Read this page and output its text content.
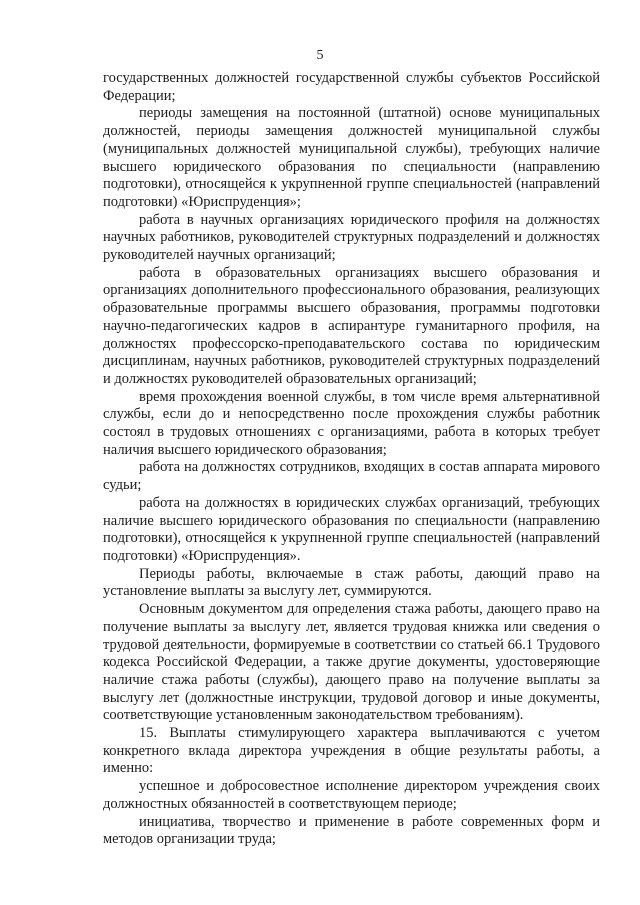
5

государственных должностей государственной службы субъектов Российской Федерации;

периоды замещения на постоянной (штатной) основе муниципальных должностей, периоды замещения должностей муниципальной службы (муниципальных должностей муниципальной службы), требующих наличие высшего юридического образования по специальности (направлению подготовки), относящейся к укрупненной группе специальностей (направлений подготовки) «Юриспруденция»;

работа в научных организациях юридического профиля на должностях научных работников, руководителей структурных подразделений и должностях руководителей научных организаций;

работа в образовательных организациях высшего образования и организациях дополнительного профессионального образования, реализующих образовательные программы высшего образования, программы подготовки научно-педагогических кадров в аспирантуре гуманитарного профиля, на должностях профессорско-преподавательского состава по юридическим дисциплинам, научных работников, руководителей структурных подразделений и должностях руководителей образовательных организаций;

время прохождения военной службы, в том числе время альтернативной службы, если до и непосредственно после прохождения службы работник состоял в трудовых отношениях с организациями, работа в которых требует наличия высшего юридического образования;

работа на должностях сотрудников, входящих в состав аппарата мирового судьи;

работа на должностях в юридических службах организаций, требующих наличие высшего юридического образования по специальности (направлению подготовки), относящейся к укрупненной группе специальностей (направлений подготовки) «Юриспруденция».

Периоды работы, включаемые в стаж работы, дающий право на установление выплаты за выслугу лет, суммируются.

Основным документом для определения стажа работы, дающего право на получение выплаты за выслугу лет, является трудовая книжка или сведения о трудовой деятельности, формируемые в соответствии со статьей 66.1 Трудового кодекса Российской Федерации, а также другие документы, удостоверяющие наличие стажа работы (службы), дающего право на получение выплаты за выслугу лет (должностные инструкции, трудовой договор и иные документы, соответствующие установленным законодательством требованиям).

15. Выплаты стимулирующего характера выплачиваются с учетом конкретного вклада директора учреждения в общие результаты работы, а именно:

успешное и добросовестное исполнение директором учреждения своих должностных обязанностей в соответствующем периоде;

инициатива, творчество и применение в работе современных форм и методов организации труда;
